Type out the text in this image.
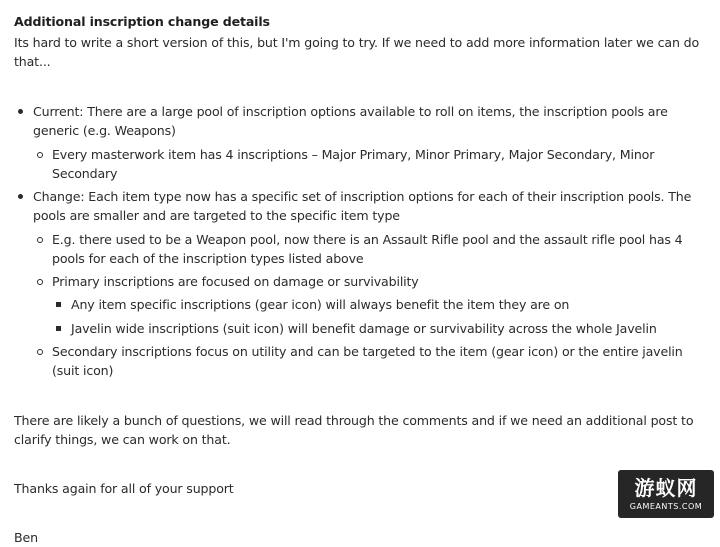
Additional inscription change details

Its hard to write a short version of this, but I'm going to try. If we need to add more information later we can do that...

Current: There are a large pool of inscription options available to roll on items, the inscription pools are generic (e.g. Weapons)
Every masterwork item has 4 inscriptions – Major Primary, Minor Primary, Major Secondary, Minor Secondary
Change: Each item type now has a specific set of inscription options for each of their inscription pools. The pools are smaller and are targeted to the specific item type
E.g. there used to be a Weapon pool, now there is an Assault Rifle pool and the assault rifle pool has 4 pools for each of the inscription types listed above
Primary inscriptions are focused on damage or survivability
Any item specific inscriptions (gear icon) will always benefit the item they are on
Javelin wide inscriptions (suit icon) will benefit damage or survivability across the whole Javelin
Secondary inscriptions focus on utility and can be targeted to the item (gear icon) or the entire javelin (suit icon)

There are likely a bunch of questions, we will read through the comments and if we need an additional post to clarify things, we can work on that.

Thanks again for all of your support

Ben

游蚁网
GAMEANTS.COM
